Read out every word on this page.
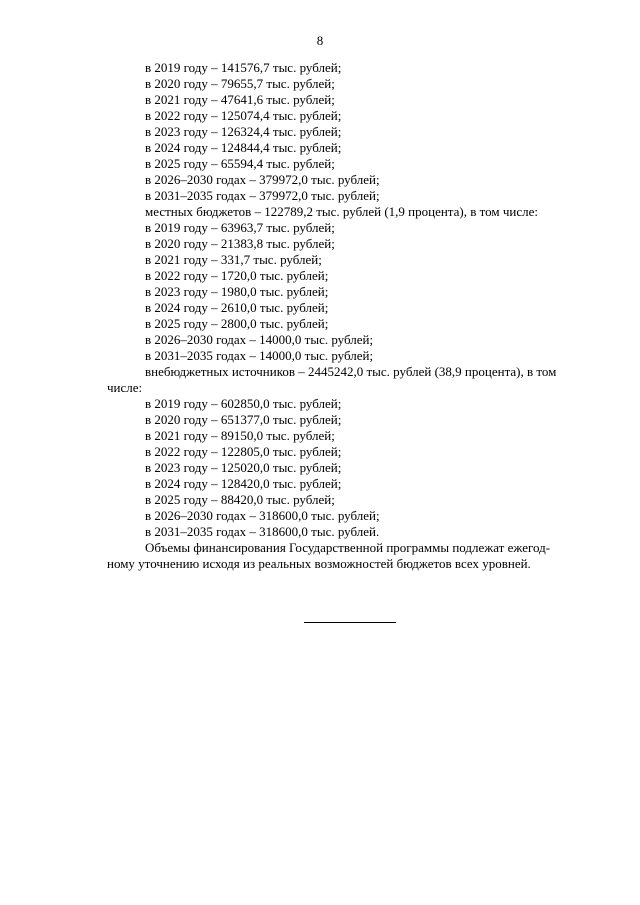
8
в 2019 году – 141576,7 тыс. рублей;
в 2020 году – 79655,7 тыс. рублей;
в 2021 году – 47641,6 тыс. рублей;
в 2022 году – 125074,4 тыс. рублей;
в 2023 году – 126324,4 тыс. рублей;
в 2024 году – 124844,4 тыс. рублей;
в 2025 году – 65594,4 тыс. рублей;
в 2026–2030 годах – 379972,0 тыс. рублей;
в 2031–2035 годах – 379972,0 тыс. рублей;
местных бюджетов – 122789,2 тыс. рублей (1,9 процента), в том числе:
в 2019 году – 63963,7 тыс. рублей;
в 2020 году – 21383,8 тыс. рублей;
в 2021 году – 331,7 тыс. рублей;
в 2022 году – 1720,0 тыс. рублей;
в 2023 году – 1980,0 тыс. рублей;
в 2024 году – 2610,0 тыс. рублей;
в 2025 году – 2800,0 тыс. рублей;
в 2026–2030 годах – 14000,0 тыс. рублей;
в 2031–2035 годах – 14000,0 тыс. рублей;
внебюджетных источников – 2445242,0 тыс. рублей (38,9 процента), в том
числе:
в 2019 году – 602850,0 тыс. рублей;
в 2020 году – 651377,0 тыс. рублей;
в 2021 году – 89150,0 тыс. рублей;
в 2022 году – 122805,0 тыс. рублей;
в 2023 году – 125020,0 тыс. рублей;
в 2024 году – 128420,0 тыс. рублей;
в 2025 году – 88420,0 тыс. рублей;
в 2026–2030 годах – 318600,0 тыс. рублей;
в 2031–2035 годах – 318600,0 тыс. рублей.
Объемы финансирования Государственной программы подлежат ежегод-
ному уточнению исходя из реальных возможностей бюджетов всех уровней.
